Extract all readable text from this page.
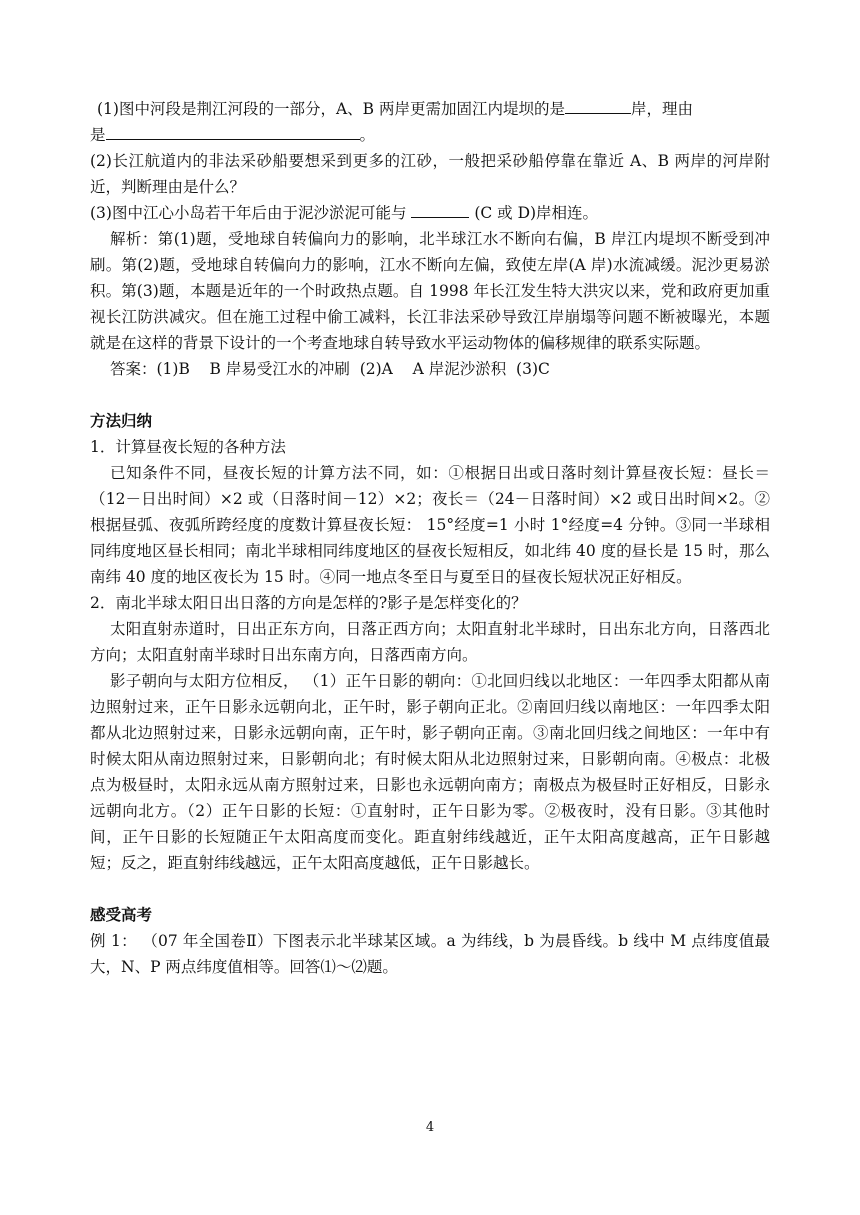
(1)图中河段是荆江河段的一部分，A、B 两岸更需加固江内堤坝的是	岸，理由
是	。

(2)长江航道内的非法采砂船要想采到更多的江砂，一般把采砂船停靠在靠近 A、B 两岸的河岸附近，判断理由是什么？

(3)图中江心小岛若干年后由于泥沙淤泥可能与	(C 或 D)岸相连。

解析：第(1)题，受地球自转偏向力的影响，北半球江水不断向右偏，B 岸江内堤坝不断受到冲刷。第(2)题，受地球自转偏向力的影响，江水不断向左偏，致使左岸(A 岸)水流减缓。泥沙更易淤积。第(3)题，本题是近年的一个时政热点题。自 1998 年长江发生特大洪灾以来，党和政府更加重视长江防洪减灾。但在施工过程中偷工减料，长江非法采砂导致江岸崩塌等问题不断被曝光，本题就是在这样的背景下设计的一个考查地球自转导致水平运动物体的偏移规律的联系实际题。

答案：(1)B    B 岸易受江水的冲刷  (2)A    A 岸泥沙淤积  (3)C

方法归纳

1．计算昼夜长短的各种方法

已知条件不同，昼夜长短的计算方法不同，如：①根据日出或日落时刻计算昼夜长短：昼长＝（12－日出时间）×2 或（日落时间－12）×2；夜长＝（24－日落时间）×2 或日出时间×2。②根据昼弧、夜弧所跨经度的度数计算昼夜长短： 15°经度=1 小时 1°经度=4 分钟。③同一半球相同纬度地区昼长相同；南北半球相同纬度地区的昼夜长短相反，如北纬 40 度的昼长是 15 时，那么南纬 40 度的地区夜长为 15 时。④同一地点冬至日与夏至日的昼夜长短状况正好相反。

2．南北半球太阳日出日落的方向是怎样的?影子是怎样变化的？

太阳直射赤道时，日出正东方向，日落正西方向；太阳直射北半球时，日出东北方向，日落西北方向；太阳直射南半球时日出东南方向，日落西南方向。

影子朝向与太阳方位相反， （1）正午日影的朝向：①北回归线以北地区：一年四季太阳都从南边照射过来，正午日影永远朝向北，正午时，影子朝向正北。②南回归线以南地区：一年四季太阳都从北边照射过来，日影永远朝向南，正午时，影子朝向正南。③南北回归线之间地区：一年中有时候太阳从南边照射过来，日影朝向北；有时候太阳从北边照射过来，日影朝向南。④极点：北极点为极昼时，太阳永远从南方照射过来，日影也永远朝向南方；南极点为极昼时正好相反，日影永远朝向北方。（2）正午日影的长短：①直射时，正午日影为零。②极夜时，没有日影。③其他时间，正午日影的长短随正午太阳高度而变化。距直射纬线越近，正午太阳高度越高，正午日影越短；反之，距直射纬线越远，正午太阳高度越低，正午日影越长。

感受高考

例 1： （07 年全国卷Ⅱ）下图表示北半球某区域。a 为纬线，b 为晨昏线。b 线中 M 点纬度值最大，N、P 两点纬度值相等。回答⑴～⑵题。

4
